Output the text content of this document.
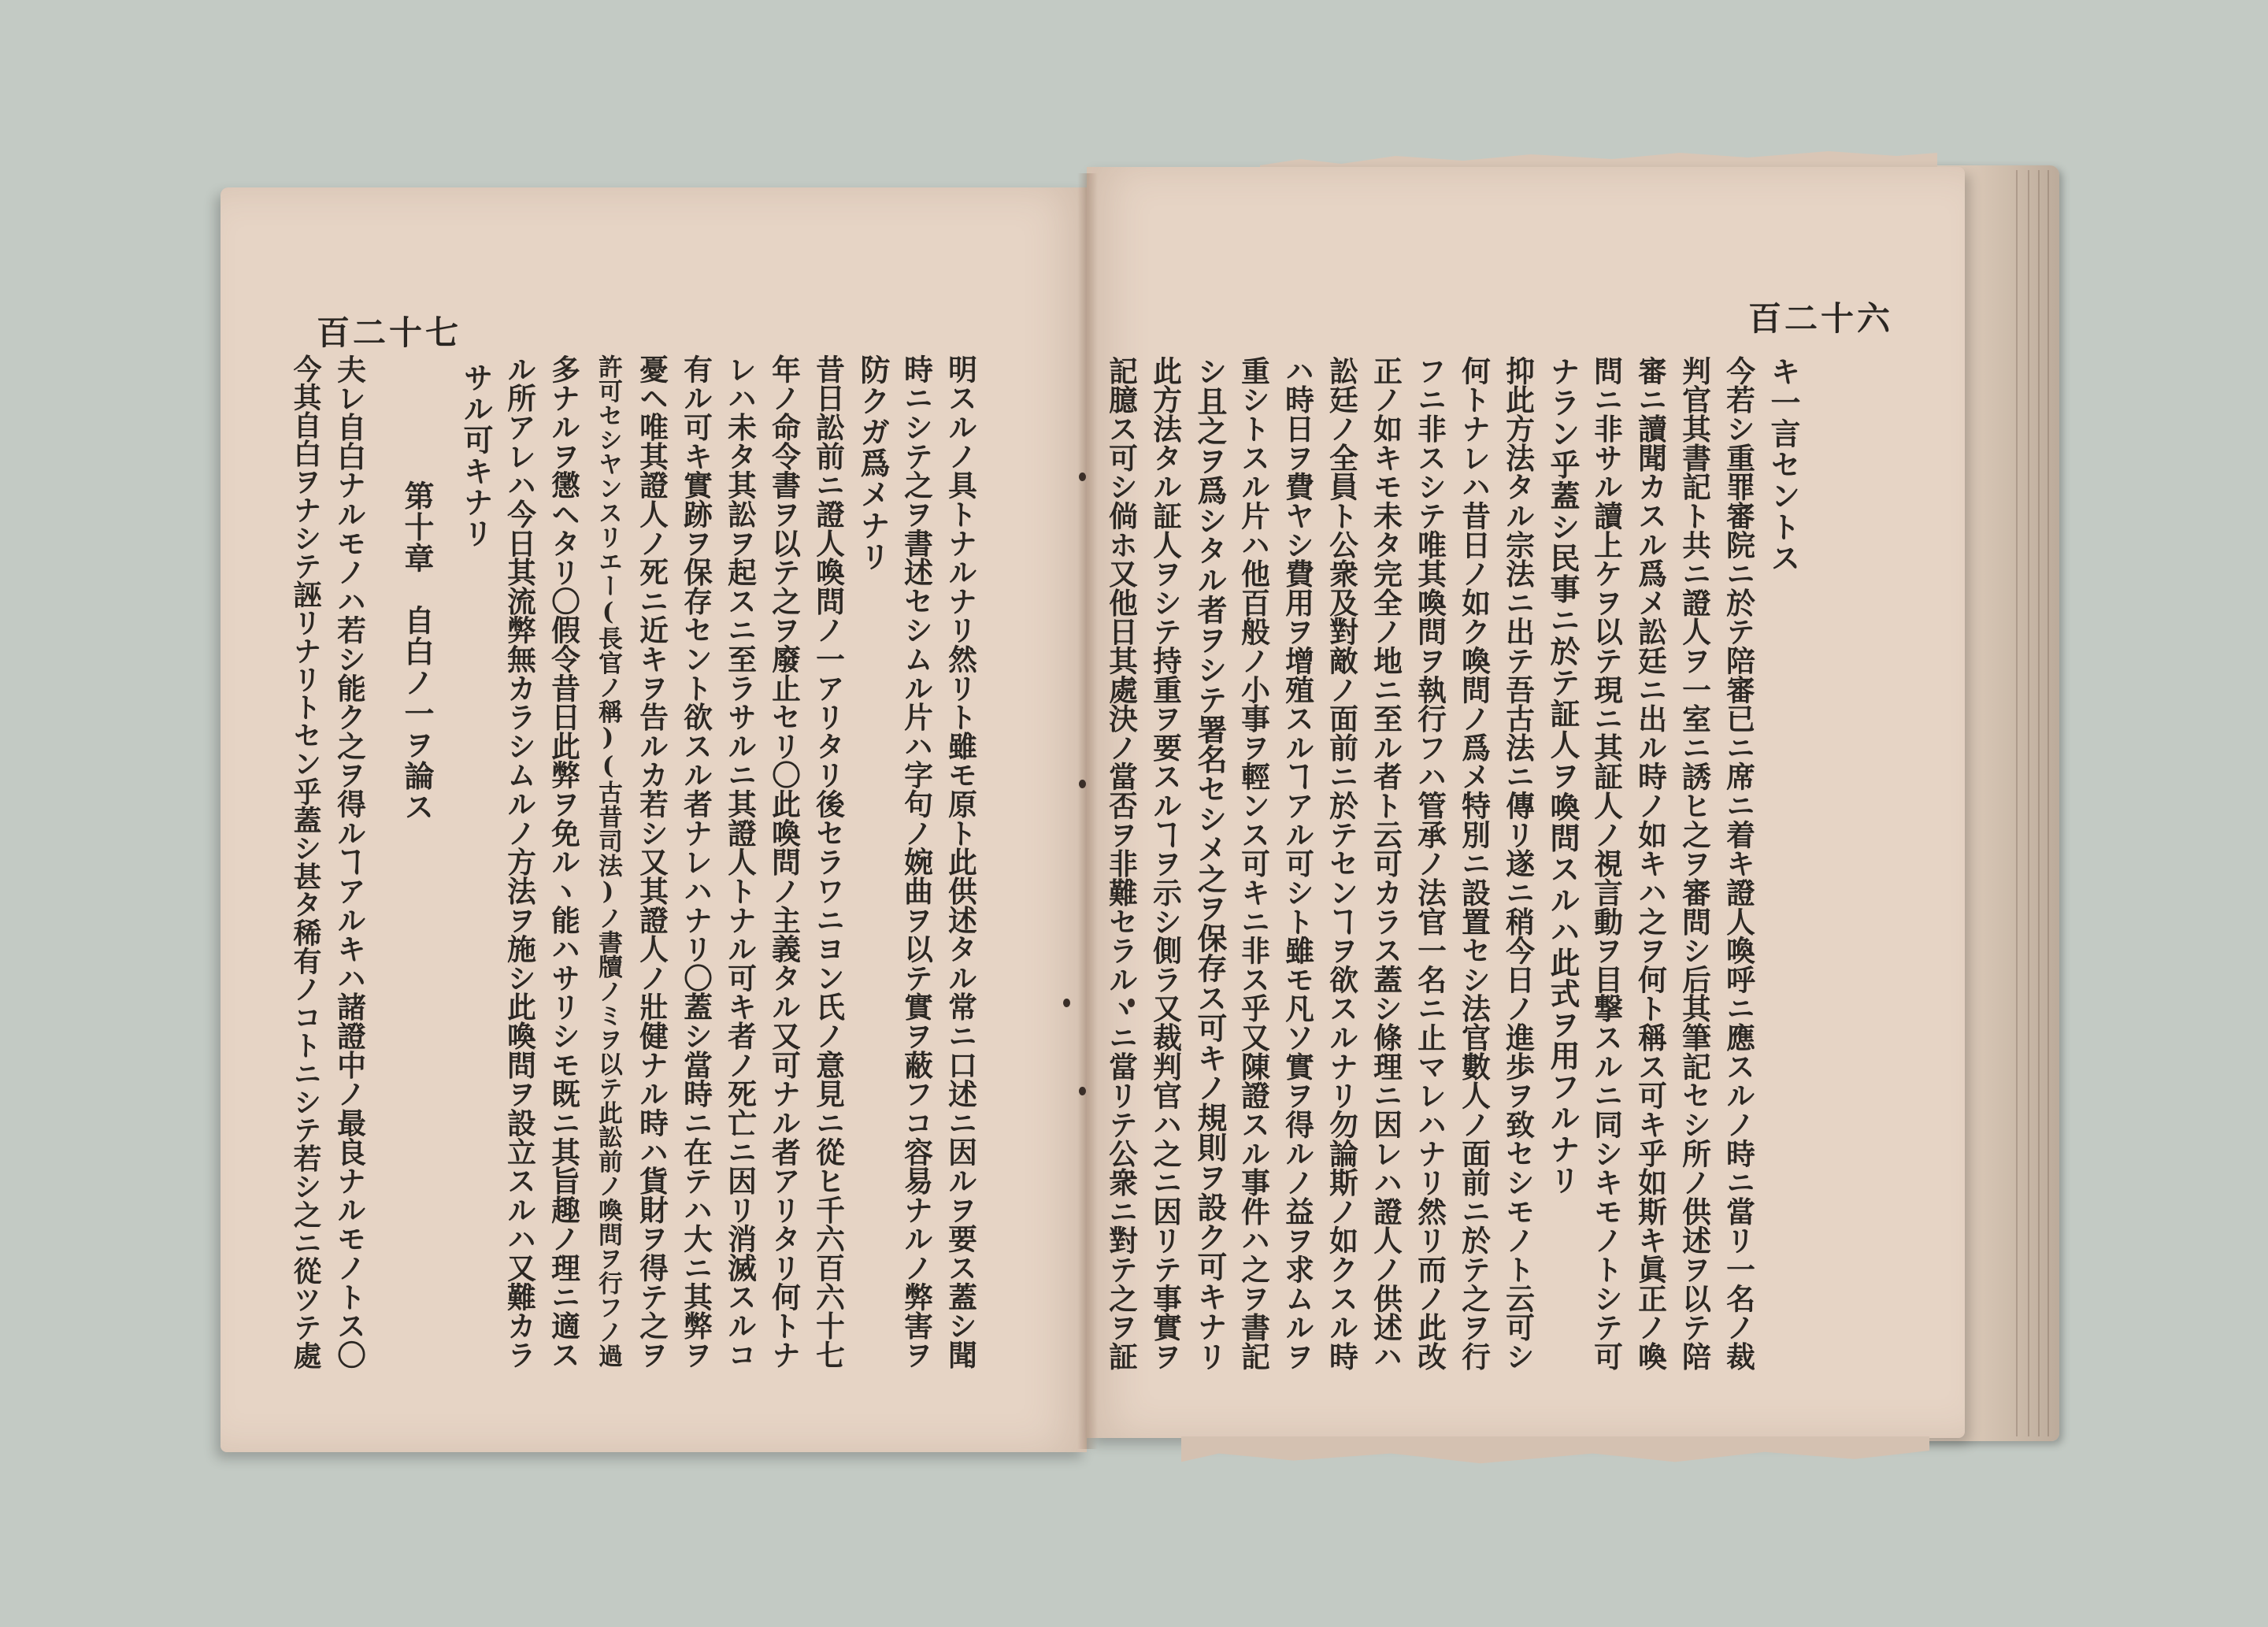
百二十七
明スルノ具トナルナリ然リト雖モ原ト此供述タル常ニ口述ニ因ルヲ要ス蓋シ聞
時ニシテ之ヲ書述セシムル片ハ字句ノ婉曲ヲ以テ實ヲ蔽フコ容易ナルノ弊害ヲ
防クガ爲メナリ
昔日訟前ニ證人喚問ノ一アリタリ後セラワニヨン氏ノ意見ニ從ヒ千六百六十七
年ノ命令書ヲ以テ之ヲ廢止セリ〇此喚問ノ主義タル又可ナル者アリタリ何トナ
レハ未タ其訟ヲ起スニ至ラサルニ其證人トナル可キ者ノ死亡ニ因リ消滅スルコ
有ル可キ實跡ヲ保存セント欲スル者ナレハナリ〇蓋シ當時ニ在テハ大ニ其弊ヲ
憂ヘ唯其證人ノ死ニ近キヲ告ルカ若シ又其證人ノ壯健ナル時ハ貨財ヲ得テ之ヲ
許可セシヤンスリエー(長官ノ稱)(古昔司法)ノ書牘ノミヲ以テ此訟前ノ喚問ヲ行フノ過
多ナルヲ懲ヘタリ〇假令昔日此弊ヲ免ルヽ能ハサリシモ既ニ其旨趣ノ理ニ適ス
ル所アレハ今日其流弊無カラシムルノ方法ヲ施シ此喚問ヲ設立スルハ又難カラ
サル可キナリ
第十章　自白ノ一ヲ論ス
夫レ自白ナルモノハ若シ能ク之ヲ得ルヿアルキハ諸證中ノ最良ナルモノトス〇
今其自白ヲナシテ誣リナリトセン乎蓋シ甚タ稀有ノコトニシテ若シ之ニ從ツテ處
百二十六
キ一言セントス
今若シ重罪審院ニ於テ陪審已ニ席ニ着キ證人喚呼ニ應スルノ時ニ當リ一名ノ裁
判官其書記ト共ニ證人ヲ一室ニ誘ヒ之ヲ審問シ后其筆記セシ所ノ供述ヲ以テ陪
審ニ讀聞カスル爲メ訟廷ニ出ル時ノ如キハ之ヲ何ト稱ス可キ乎如斯キ眞正ノ喚
問ニ非サル讀上ケヲ以テ現ニ其証人ノ視言動ヲ目撃スルニ同シキモノトシテ可
ナラン乎蓋シ民事ニ於テ証人ヲ喚問スルハ此式ヲ用フルナリ
抑此方法タル宗法ニ出テ吾古法ニ傳リ遂ニ稍今日ノ進歩ヲ致セシモノト云可シ
何トナレハ昔日ノ如ク喚問ノ爲メ特別ニ設置セシ法官數人ノ面前ニ於テ之ヲ行
フニ非スシテ唯其喚問ヲ執行フハ管承ノ法官一名ニ止マレハナリ然リ而ノ此改
正ノ如キモ未タ完全ノ地ニ至ル者ト云可カラス蓋シ條理ニ因レハ證人ノ供述ハ
訟廷ノ全員ト公衆及對敵ノ面前ニ於テセンヿヲ欲スルナリ勿論斯ノ如クスル時
ハ時日ヲ費ヤシ費用ヲ增殖スルヿアル可シト雖モ凡ソ實ヲ得ルノ益ヲ求ムルヲ
重シトスル片ハ他百般ノ小事ヲ輕ンス可キニ非ス乎又陳證スル事件ハ之ヲ書記
シ且之ヲ爲シタル者ヲシテ署名セシメ之ヲ保存ス可キノ規則ヲ設ク可キナリ
此方法タル証人ヲシテ持重ヲ要スルヿヲ示シ側ラ又裁判官ハ之ニ因リテ事實ヲ
記臆ス可シ倘ホ又他日其處決ノ當否ヲ非難セラルヽニ當リテ公衆ニ對テ之ヲ証
